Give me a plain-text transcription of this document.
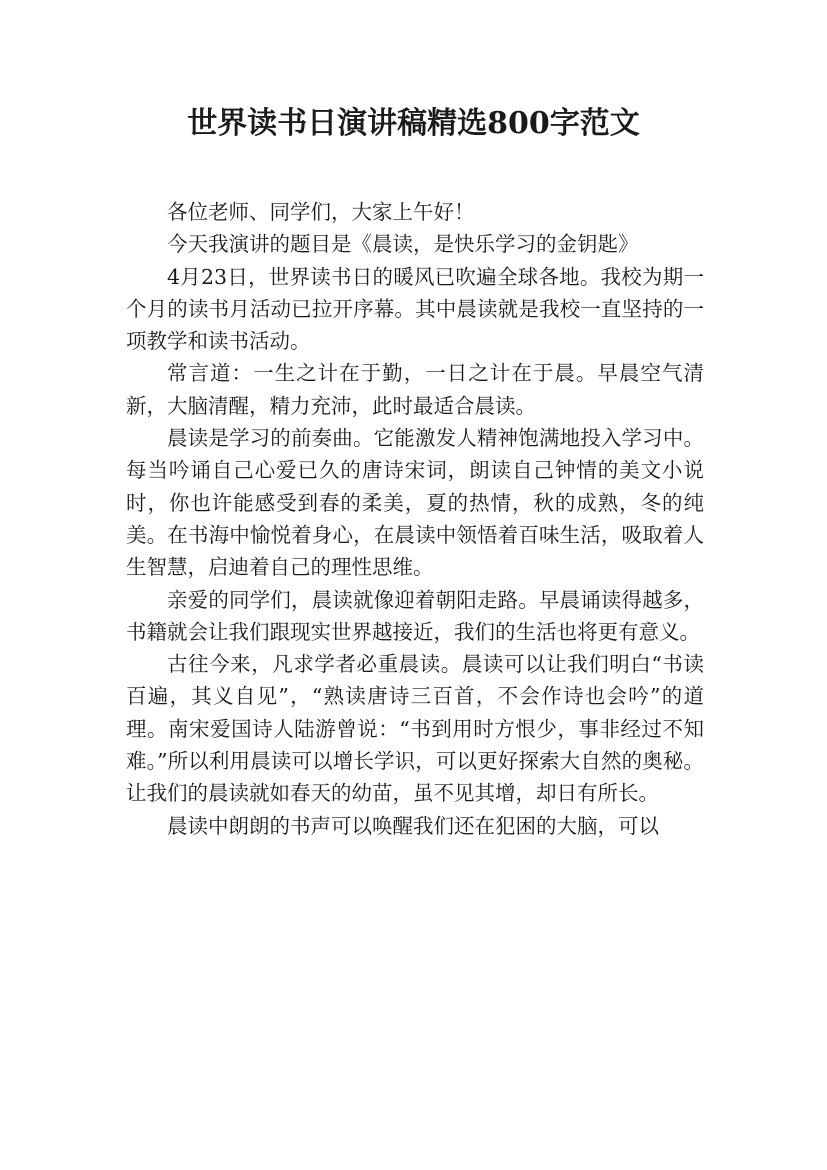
世界读书日演讲稿精选800字范文

各位老师、同学们，大家上午好！

今天我演讲的题目是《晨读，是快乐学习的金钥匙》

4月23日，世界读书日的暖风已吹遍全球各地。我校为期一个月的读书月活动已拉开序幕。其中晨读就是我校一直坚持的一项教学和读书活动。

常言道：一生之计在于勤，一日之计在于晨。早晨空气清新，大脑清醒，精力充沛，此时最适合晨读。

晨读是学习的前奏曲。它能激发人精神饱满地投入学习中。每当吟诵自己心爱已久的唐诗宋词，朗读自己钟情的美文小说时，你也许能感受到春的柔美，夏的热情，秋的成熟，冬的纯美。在书海中愉悦着身心，在晨读中领悟着百味生活，吸取着人生智慧，启迪着自己的理性思维。

亲爱的同学们，晨读就像迎着朝阳走路。早晨诵读得越多，书籍就会让我们跟现实世界越接近，我们的生活也将更有意义。

古往今来，凡求学者必重晨读。晨读可以让我们明白“书读百遍，其义自见”，“熟读唐诗三百首，不会作诗也会吟”的道理。南宋爱国诗人陆游曾说：“书到用时方恨少，事非经过不知难。”所以利用晨读可以增长学识，可以更好探索大自然的奥秘。让我们的晨读就如春天的幼苗，虽不见其增，却日有所长。

晨读中朗朗的书声可以唤醒我们还在犯困的大脑，可以
